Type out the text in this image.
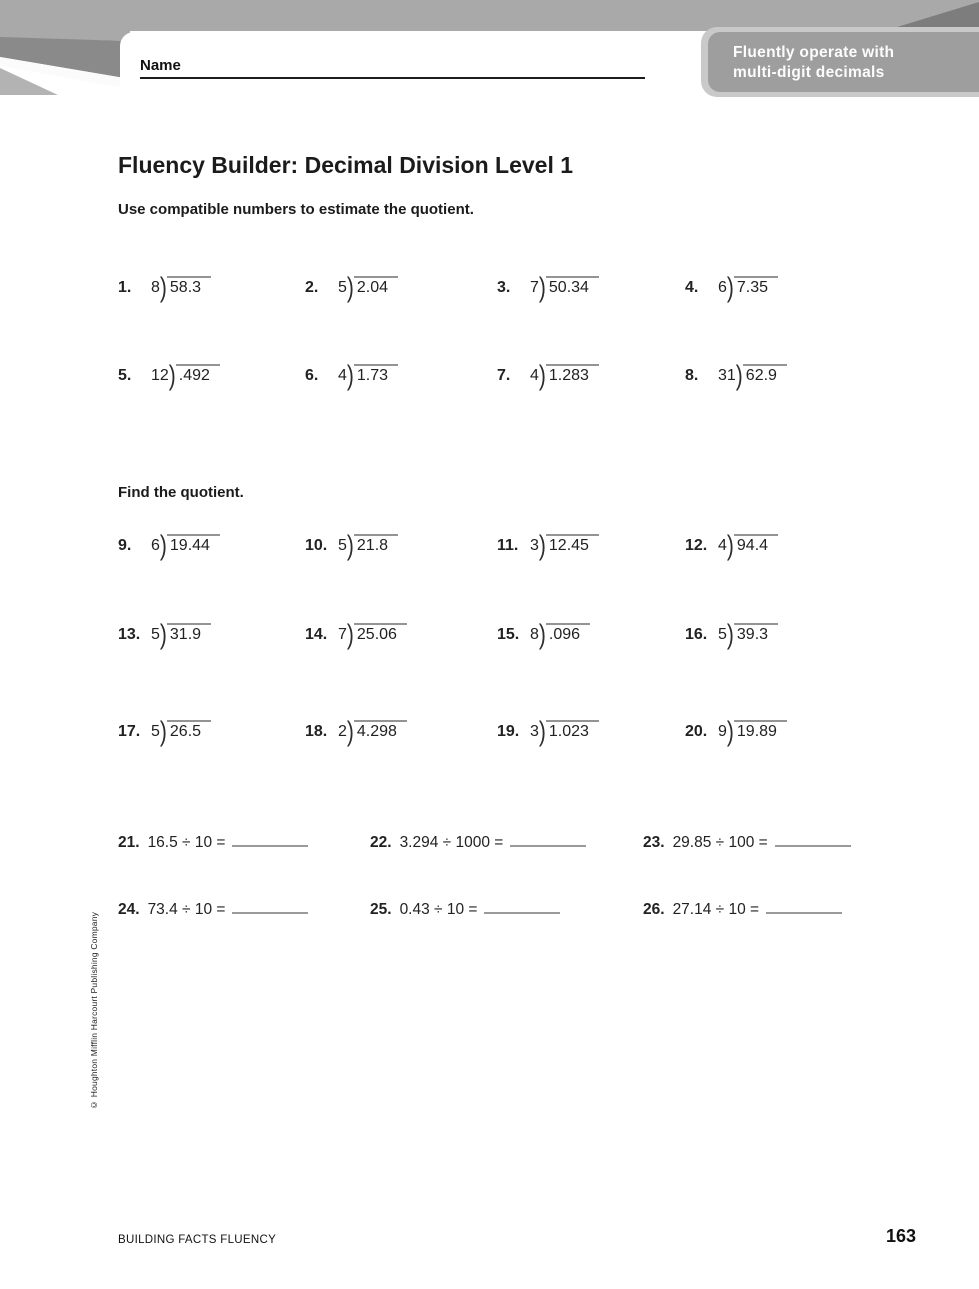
Fluently operate with
multi-digit decimals
Name
Fluency Builder: Decimal Division Level 1
Use compatible numbers to estimate the quotient.
1.	8 ) 58.3	2.	5 ) 2.04	3.	7 ) 50.34	4.	6 ) 7.35
5.	12 ) .492	6.	4 ) 1.73	7.	4 ) 1.283	8.	31 ) 62.9
Find the quotient.
9.	6 ) 19.44	10. 5 ) 21.8	11. 3 ) 12.45	12. 4 ) 94.4
13. 5 ) 31.9	14. 7 ) 25.06	15. 8 ) .096	16. 5 ) 39.3
17. 5 ) 26.5	18. 2 ) 4.298	19. 3 ) 1.023	20. 9 ) 19.89
21. 16.5 ÷ 10 =	22. 3.294 ÷ 1000 =	23. 29.85 ÷ 100 =
24. 73.4 ÷ 10 =	25. 0.43 ÷ 10 =	26. 27.14 ÷ 10 =
© Houghton Mifflin Harcourt Publishing Company
BUILDING FACTS FLUENCY	163
